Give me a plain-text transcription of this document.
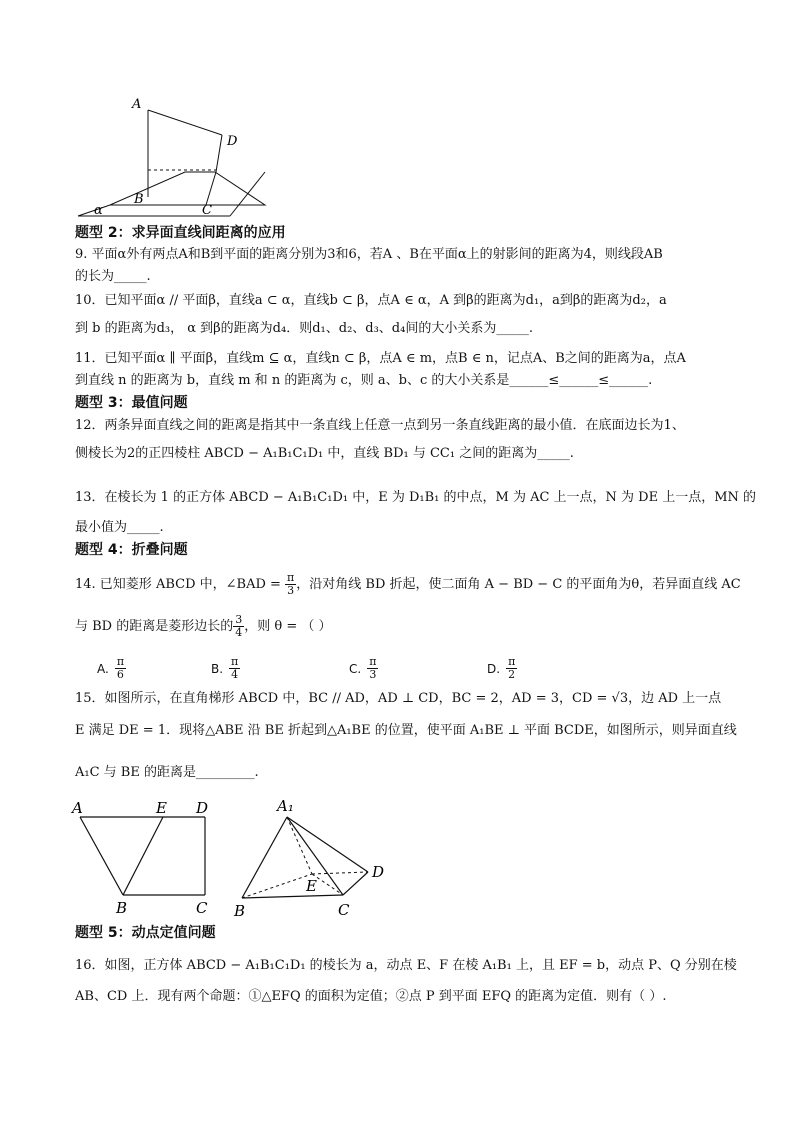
A
D
B
C
α
题型 2：求异面直线间距离的应用
9. 平面α外有两点A和B到平面的距离分别为3和6，若A 、B在平面α上的射影间的距离为4，则线段AB
的长为_____.
10．已知平面α // 平面β，直线a ⊂ α，直线b ⊂ β，点A ∈ α，A 到β的距离为d₁，a到β的距离为d₂，a
到 b 的距离为d₃， α 到β的距离为d₄．则d₁、d₂、d₃、d₄间的大小关系为_____.
11．已知平面α ∥ 平面β，直线m ⊆ α，直线n ⊂ β，点A ∈ m，点B ∈ n，记点A、B之间的距离为a，点A
到直线 n 的距离为 b，直线 m 和 n 的距离为 c，则 a、b、c 的大小关系是______≤______≤______.
题型 3：最值问题
12．两条异面直线之间的距离是指其中一条直线上任意一点到另一条直线距离的最小值．在底面边长为1、
侧棱长为2的正四棱柱 ABCD − A₁B₁C₁D₁ 中，直线 BD₁ 与 CC₁ 之间的距离为_____.
13．在棱长为 1 的正方体 ABCD − A₁B₁C₁D₁ 中，E 为 D₁B₁ 的中点，M 为 AC 上一点，N 为 DE 上一点，MN 的
最小值为_____.
题型 4：折叠问题
14. 已知菱形 ABCD 中，∠BAD = $\frac{\pi}{3}$ ，沿对角线 BD 折起，使二面角 A − BD − C 的平面角为θ，若异面直线 AC
与 BD 的距离是菱形边长的 $\frac{3}{4}$ ，则 θ = （ ）
A. $\frac{\pi}{6}$	B. $\frac{\pi}{4}$	C. $\frac{\pi}{3}$	D. $\frac{\pi}{2}$
15．如图所示，在直角梯形 ABCD 中，BC // AD，AD ⊥ CD，BC = 2，AD = 3，CD = √3，边 AD 上一点
E 满足 DE = 1．现将△ABE 沿 BE 折起到△A₁BE 的位置，使平面 A₁BE ⊥ 平面 BCDE，如图所示，则异面直线
A₁C 与 BE 的距离是_________.
A	E D
B	C
A₁
D
E
B	C
题型 5：动点定值问题
16．如图，正方体 ABCD − A₁B₁C₁D₁ 的棱长为 a，动点 E、F 在棱 A₁B₁ 上，且 EF = b，动点 P、Q 分别在棱
AB、CD 上．现有两个命题：①△EFQ 的面积为定值；②点 P 到平面 EFQ 的距离为定值．则有（ ）.
